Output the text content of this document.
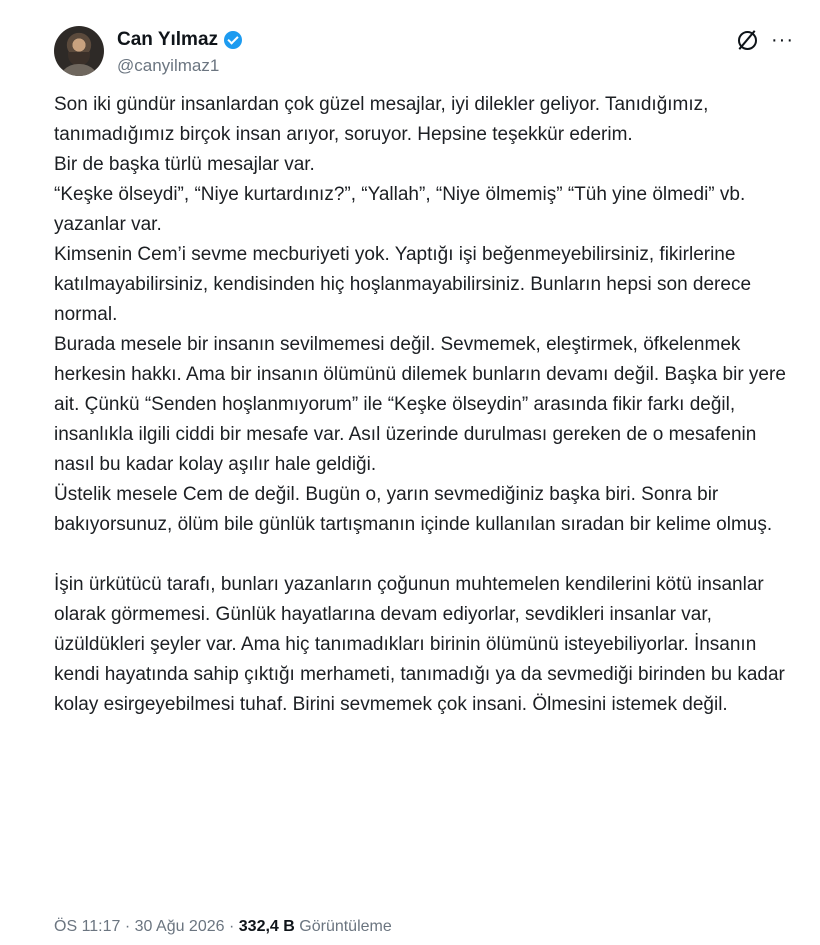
Can Yılmaz
@canyilmaz1
···

Son iki gündür insanlardan çok güzel mesajlar, iyi dilekler geliyor. Tanıdığımız, tanımadığımız birçok insan arıyor, soruyor. Hepsine teşekkür ederim.

Bir de başka türlü mesajlar var.

“Keşke ölseydi”, “Niye kurtardınız?”, “Yallah”, “Niye ölmemiş” “Tüh yine ölmedi” vb. yazanlar var.

Kimsenin Cem’i sevme mecburiyeti yok. Yaptığı işi beğenmeyebilirsiniz, fikirlerine katılmayabilirsiniz, kendisinden hiç hoşlanmayabilirsiniz. Bunların hepsi son derece normal.

Burada mesele bir insanın sevilmemesi değil. Sevmemek, eleştirmek, öfkelenmek herkesin hakkı. Ama bir insanın ölümünü dilemek bunların devamı değil. Başka bir yere ait. Çünkü “Senden hoşlanmıyorum” ile “Keşke ölseydin” arasında fikir farkı değil, insanlıkla ilgili ciddi bir mesafe var. Asıl üzerinde durulması gereken de o mesafenin nasıl bu kadar kolay aşılır hale geldiği.

Üstelik mesele Cem de değil. Bugün o, yarın sevmediğiniz başka biri. Sonra bir bakıyorsunuz, ölüm bile günlük tartışmanın içinde kullanılan sıradan bir kelime olmuş.

İşin ürkütücü tarafı, bunları yazanların çoğunun muhtemelen kendilerini kötü insanlar olarak görmemesi. Günlük hayatlarına devam ediyorlar, sevdikleri insanlar var, üzüldükleri şeyler var. Ama hiç tanımadıkları birinin ölümünü isteyebiliyorlar. İnsanın kendi hayatında sahip çıktığı merhameti, tanımadığı ya da sevmediği birinden bu kadar kolay esirgeyebilmesi tuhaf. Birini sevmemek çok insani. Ölmesini istemek değil.

ÖS 11:17 · 30 Ağu 2026 · 332,4 B Görüntüleme
